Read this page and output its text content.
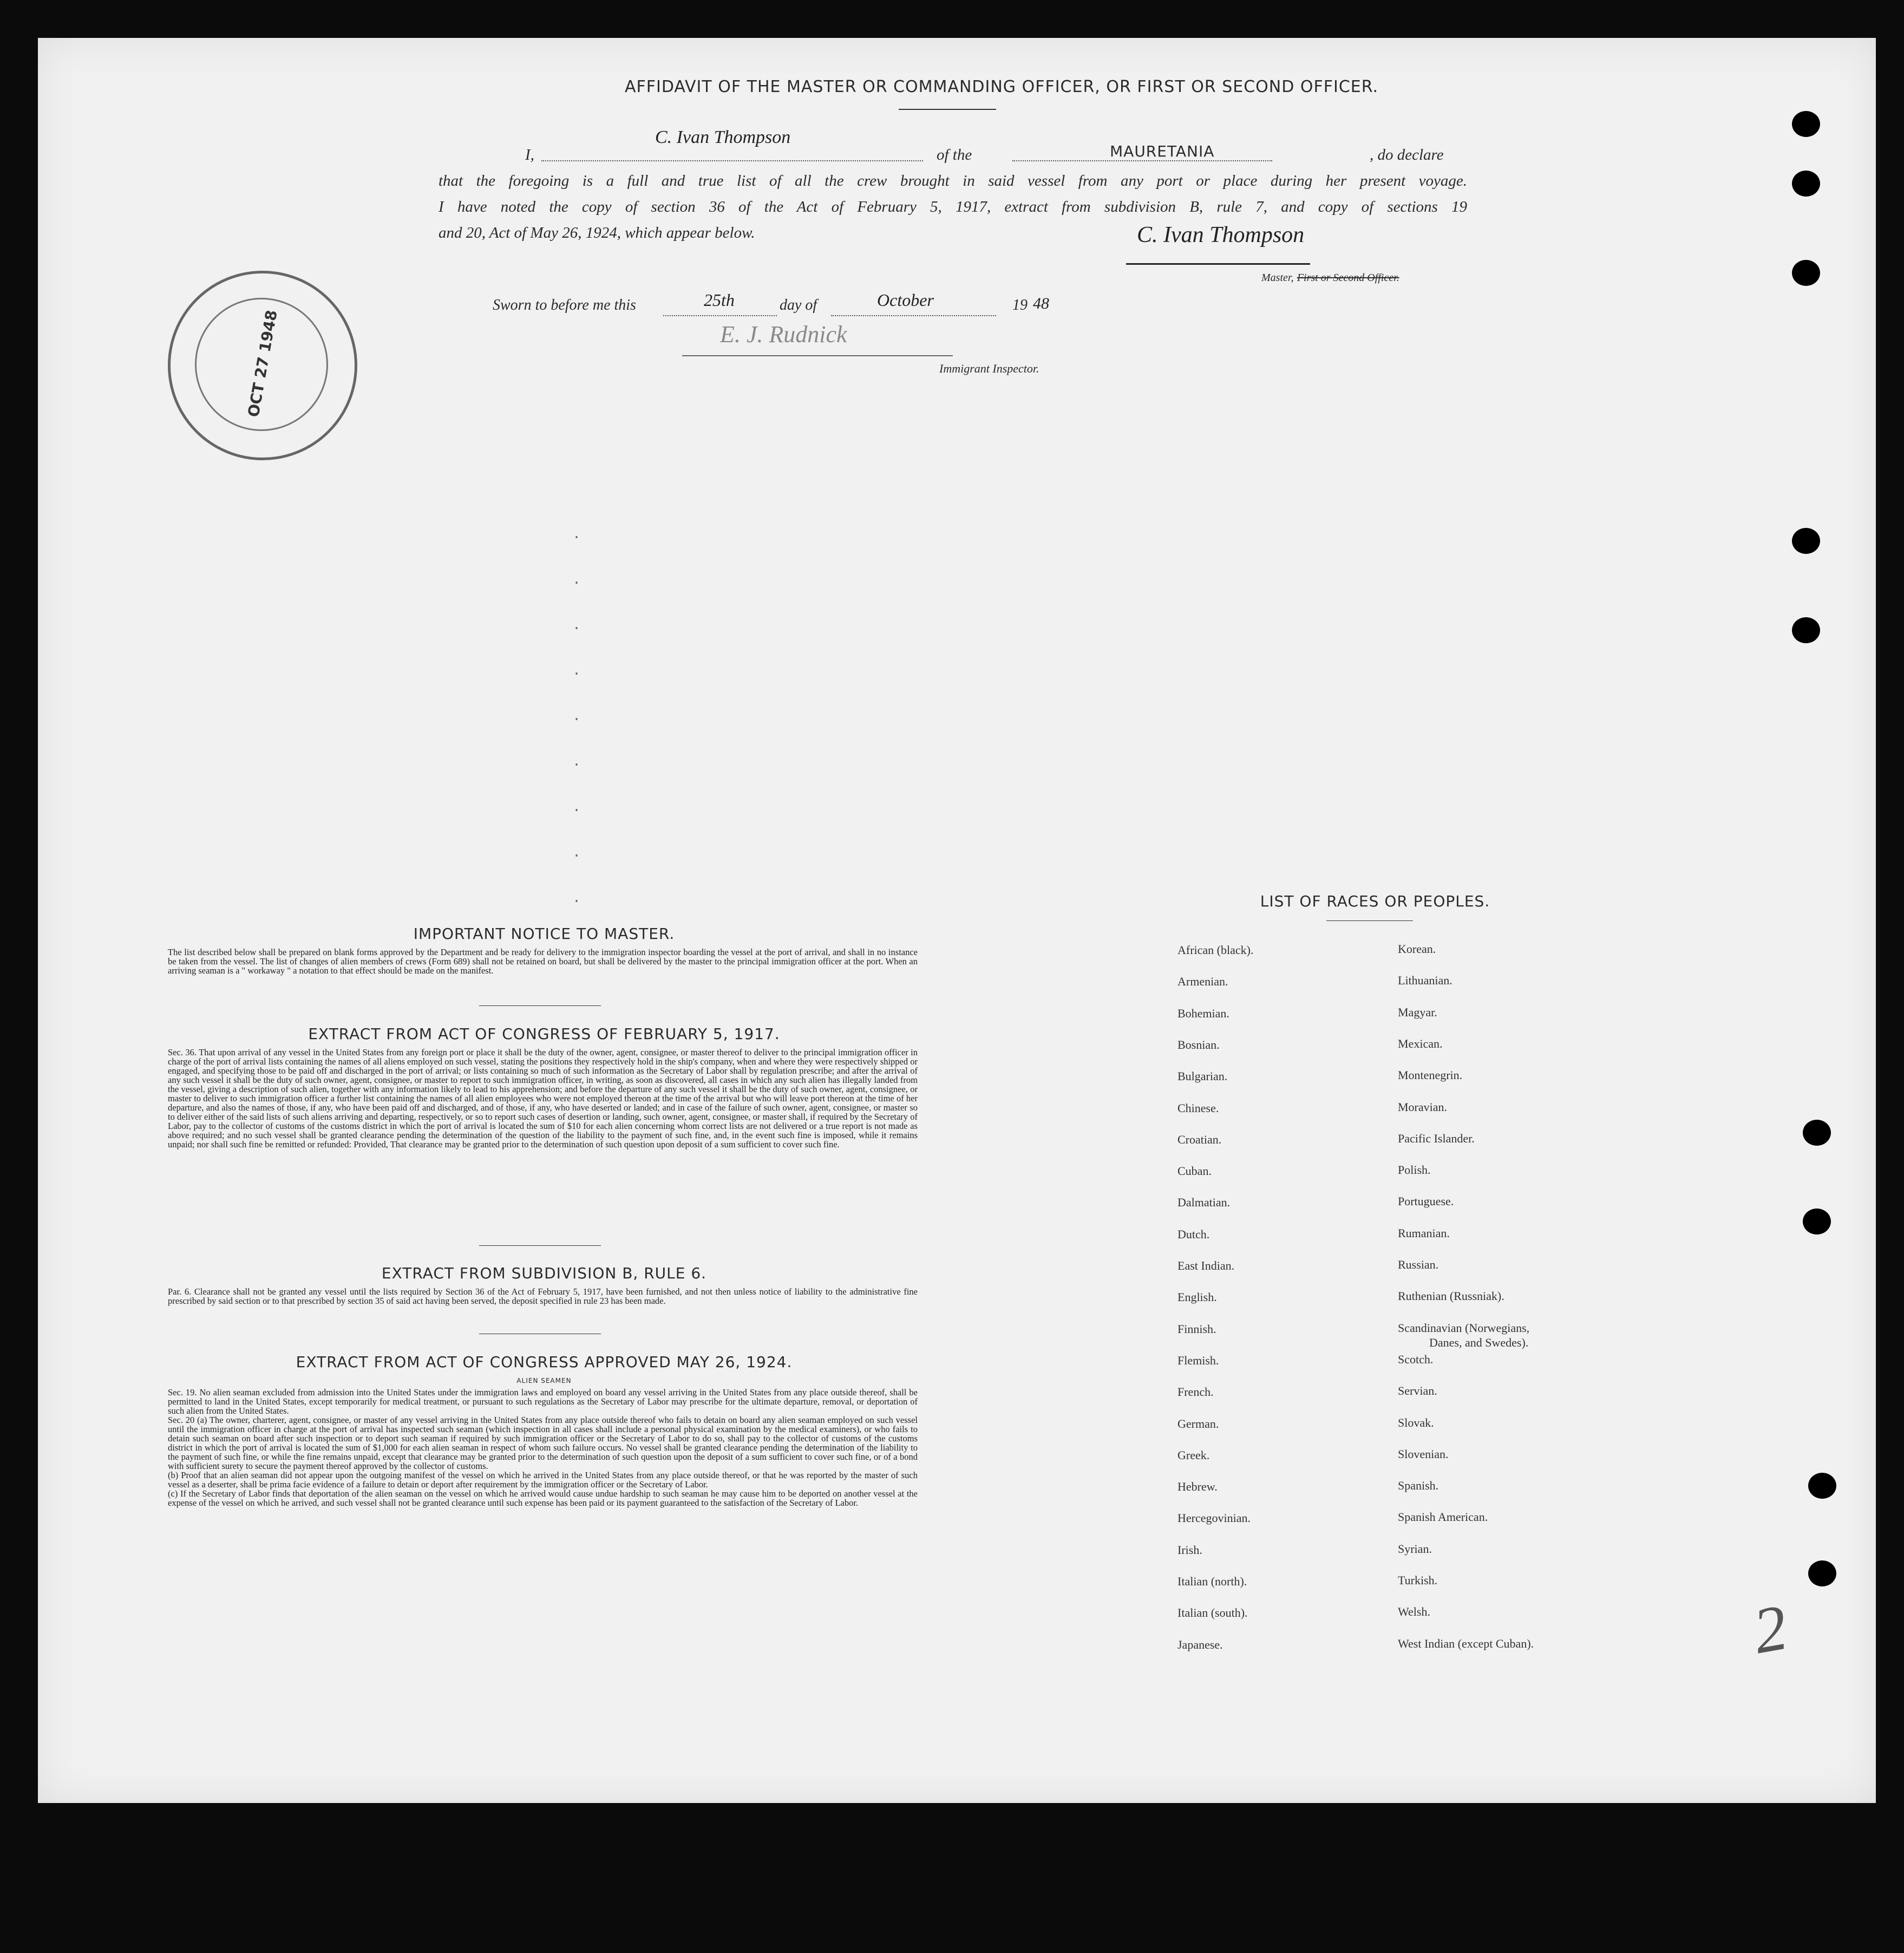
AFFIDAVIT OF THE MASTER OR COMMANDING OFFICER, OR FIRST OR SECOND OFFICER.
I,
C. Ivan Thompson
of the	MAURETANIA	, do declare
that the foregoing is a full and true list of all the crew brought in said vessel from any port or place during her present voyage.
I have noted the copy of section 36 of the Act of February 5, 1917, extract from subdivision B, rule 7, and copy of sections 19
and 20, Act of May 26, 1924, which appear below.	C. Ivan Thompson
Master, First or Second Officer.
Sworn to before me this	25th	day of	October	19 48
E. J. Rudnick
Immigrant Inspector.
OCT 27 1948
IMPORTANT NOTICE TO MASTER.
The list described below shall be prepared on blank forms approved by the Department and be ready for delivery to the immigration inspector boarding the vessel at the port of arrival, and shall in no instance be taken from the vessel. The list of changes of alien members of crews (Form 689) shall not be retained on board, but shall be delivered by the master to the principal immigration officer at the port. When an arriving seaman is a " workaway " a notation to that effect should be made on the manifest.
EXTRACT FROM ACT OF CONGRESS OF FEBRUARY 5, 1917.
Sec. 36. That upon arrival of any vessel in the United States from any foreign port or place it shall be the duty of the owner, agent, consignee, or master thereof to deliver to the principal immigration officer in charge of the port of arrival lists containing the names of all aliens employed on such vessel, stating the positions they respectively hold in the ship's company, when and where they were respectively shipped or engaged, and specifying those to be paid off and discharged in the port of arrival; or lists containing so much of such information as the Secretary of Labor shall by regulation prescribe; and after the arrival of any such vessel it shall be the duty of such owner, agent, consignee, or master to report to such immigration officer, in writing, as soon as discovered, all cases in which any such alien has illegally landed from the vessel, giving a description of such alien, together with any information likely to lead to his apprehension; and before the departure of any such vessel it shall be the duty of such owner, agent, consignee, or master to deliver to such immigration officer a further list containing the names of all alien employees who were not employed thereon at the time of the arrival but who will leave port thereon at the time of her departure, and also the names of those, if any, who have been paid off and discharged, and of those, if any, who have deserted or landed; and in case of the failure of such owner, agent, consignee, or master so to deliver either of the said lists of such aliens arriving and departing, respectively, or so to report such cases of desertion or landing, such owner, agent, consignee, or master shall, if required by the Secretary of Labor, pay to the collector of customs of the customs district in which the port of arrival is located the sum of $10 for each alien concerning whom correct lists are not delivered or a true report is not made as above required; and no such vessel shall be granted clearance pending the determination of the question of the liability to the payment of such fine, and, in the event such fine is imposed, while it remains unpaid; nor shall such fine be remitted or refunded: Provided, That clearance may be granted prior to the determination of such question upon deposit of a sum sufficient to cover such fine.
EXTRACT FROM SUBDIVISION B, RULE 6.
Par. 6. Clearance shall not be granted any vessel until the lists required by Section 36 of the Act of February 5, 1917, have been furnished, and not then unless notice of liability to the administrative fine prescribed by said section or to that prescribed by section 35 of said act having been served, the deposit specified in rule 23 has been made.
EXTRACT FROM ACT OF CONGRESS APPROVED MAY 26, 1924.
ALIEN SEAMEN
Sec. 19. No alien seaman excluded from admission into the United States under the immigration laws and employed on board any vessel arriving in the United States from any place outside thereof, shall be permitted to land in the United States, except temporarily for medical treatment, or pursuant to such regulations as the Secretary of Labor may prescribe for the ultimate departure, removal, or deportation of such alien from the United States.
Sec. 20 (a) The owner, charterer, agent, consignee, or master of any vessel arriving in the United States from any place outside thereof who fails to detain on board any alien seaman employed on such vessel until the immigration officer in charge at the port of arrival has inspected such seaman (which inspection in all cases shall include a personal physical examination by the medical examiners), or who fails to detain such seaman on board after such inspection or to deport such seaman if required by such immigration officer or the Secretary of Labor to do so, shall pay to the collector of customs of the customs district in which the port of arrival is located the sum of $1,000 for each alien seaman in respect of whom such failure occurs. No vessel shall be granted clearance pending the determination of the liability to the payment of such fine, or while the fine remains unpaid, except that clearance may be granted prior to the determination of such question upon the deposit of a sum sufficient to cover such fine, or of a bond with sufficient surety to secure the payment thereof approved by the collector of customs.
(b) Proof that an alien seaman did not appear upon the outgoing manifest of the vessel on which he arrived in the United States from any place outside thereof, or that he was reported by the master of such vessel as a deserter, shall be prima facie evidence of a failure to detain or deport after requirement by the immigration officer or the Secretary of Labor.
(c) If the Secretary of Labor finds that deportation of the alien seaman on the vessel on which he arrived would cause undue hardship to such seaman he may cause him to be deported on another vessel at the expense of the vessel on which he arrived, and such vessel shall not be granted clearance until such expense has been paid or its payment guaranteed to the satisfaction of the Secretary of Labor.
LIST OF RACES OR PEOPLES.
African (black).
Armenian.
Bohemian.
Bosnian.
Bulgarian.
Chinese.
Croatian.
Cuban.
Dalmatian.
Dutch.
East Indian.
English.
Finnish.
Flemish.
French.
German.
Greek.
Hebrew.
Hercegovinian.
Irish.
Italian (north).
Italian (south).
Japanese.
Korean.
Lithuanian.
Magyar.
Mexican.
Montenegrin.
Moravian.
Pacific Islander.
Polish.
Portuguese.
Rumanian.
Russian.
Ruthenian (Russniak).
Scandinavian (Norwegians,
Scotch.
Servian.
Slovak.
Slovenian.
Spanish.
Spanish American.
Syrian.
Turkish.
Welsh.
West Indian (except Cuban).
Danes, and Swedes).
2
